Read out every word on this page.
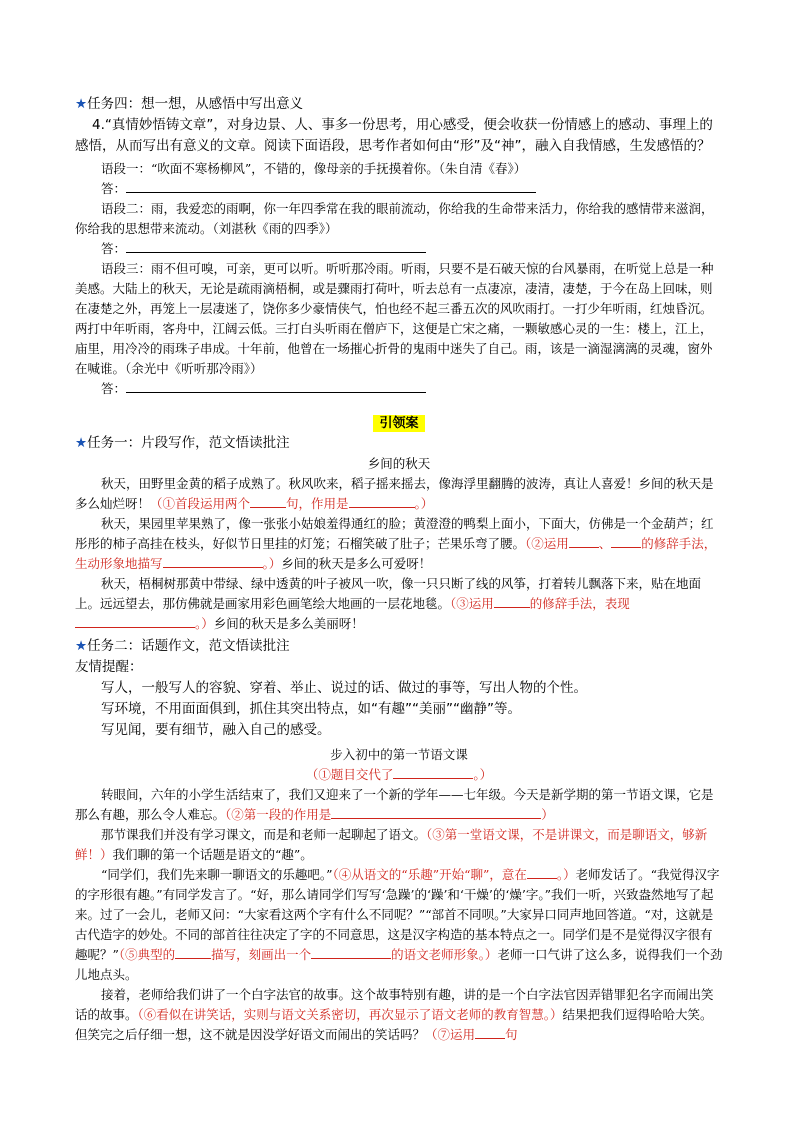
★任务四：想一想，从感悟中写出意义

4.“真情妙悟铸文章”，对身边景、人、事多一份思考，用心感受，便会收获一份情感上的感动、事理上的感悟，从而写出有意义的文章。阅读下面语段，思考作者如何由“形”及“神”，融入自我情感，生发感悟的？

语段一：“吹面不寒杨柳风”，不错的，像母亲的手抚摸着你。（朱自清《春》）

答：

语段二：雨，我爱恋的雨啊，你一年四季常在我的眼前流动，你给我的生命带来活力，你给我的感情带来滋润，你给我的思想带来流动。（刘湛秋《雨的四季》）

答：

语段三：雨不但可嗅，可亲，更可以听。听听那冷雨。听雨，只要不是石破天惊的台风暴雨，在听觉上总是一种美感。大陆上的秋天，无论是疏雨滴梧桐，或是骤雨打荷叶，听去总有一点凄凉，凄清，凄楚，于今在岛上回味，则在凄楚之外，再笼上一层凄迷了，饶你多少豪情侠气，怕也经不起三番五次的风吹雨打。一打少年听雨，红烛昏沉。两打中年听雨，客舟中，江阔云低。三打白头听雨在僧庐下，这便是亡宋之痛，一颗敏感心灵的一生：楼上，江上，庙里，用冷冷的雨珠子串成。十年前，他曾在一场摧心折骨的鬼雨中迷失了自己。雨，该是一滴湿漓漓的灵魂，窗外在喊谁。（余光中《听听那冷雨》）

答：

引领案

★任务一：片段写作，范文悟读批注

乡间的秋天

秋天，田野里金黄的稻子成熟了。秋风吹来，稻子摇来摇去，像海浮里翻腾的波涛，真让人喜爱！乡间的秋天是多么灿烂呀！（①首段运用两个	句，作用是	。）

秋天，果园里苹果熟了，像一张张小姑娘羞得通红的脸；黄澄澄的鸭梨上面小，下面大，仿佛是一个金葫芦；红彤彤的柿子高挂在枝头，好似节日里挂的灯笼；石榴笑破了肚子；芒果乐弯了腰。（②运用 、 的修辞手法，生动形象地描写	。）乡间的秋天是多么可爱呀！

秋天，梧桐树那黄中带绿、绿中透黄的叶子被风一吹，像一只只断了线的风筝，打着转儿飘落下来，贴在地面上。远远望去，那仿佛就是画家用彩色画笔绘大地画的一层花地毯。（③运用	的修辞手法，表现。）乡间的秋天是多么美丽呀！

★任务二：话题作文，范文悟读批注

友情提醒：

写人，一般写人的容貌、穿着、举止、说过的话、做过的事等，写出人物的个性。

写环境，不用面面俱到，抓住其突出特点，如“有趣”“美丽”“幽静”等。

写见闻，要有细节，融入自己的感受。

步入初中的第一节语文课

（①题目交代了	。）

转眼间，六年的小学生活结束了，我们又迎来了一个新的学年——七年级。今天是新学期的第一节语文课，它是那么有趣，那么令人难忘。（②第一段的作用是	）

那节课我们并没有学习课文，而是和老师一起聊起了语文。（③第一堂语文课，不是讲课文，而是聊语文，够新鲜！）我们聊的第一个话题是语文的“趣”。

“同学们，我们先来聊一聊语文的乐趣吧。”（④从语文的“乐趣”开始“聊”，意在 。）老师发话了。“我觉得汉字的字形很有趣。”有同学发言了。“好，那么请同学们写写‘急躁’的‘躁’和‘干燥’的‘燥’字。”我们一听，兴致盎然地写了起来。过了一会儿，老师又问：“大家看这两个字有什么不同呢？”“部首不同呗。”大家异口同声地回答道。“对，这就是古代造字的妙处。不同的部首往往决定了字的不同意思，这是汉字构造的基本特点之一。同学们是不是觉得汉字很有趣呢？”（⑤典型的	描写，刻画出一个	的语文老师形象。）老师一口气讲了这么多，说得我们一个劲儿地点头。

接着，老师给我们讲了一个白字法官的故事。这个故事特别有趣，讲的是一个白字法官因弄错罪犯名字而闹出笑话的故事。（⑥看似在讲笑话，实则与语文关系密切，再次显示了语文老师的教育智慧。）结果把我们逗得哈哈大笑。但笑完之后仔细一想，这不就是因没学好语文而闹出的笑话吗？（⑦运用 句
